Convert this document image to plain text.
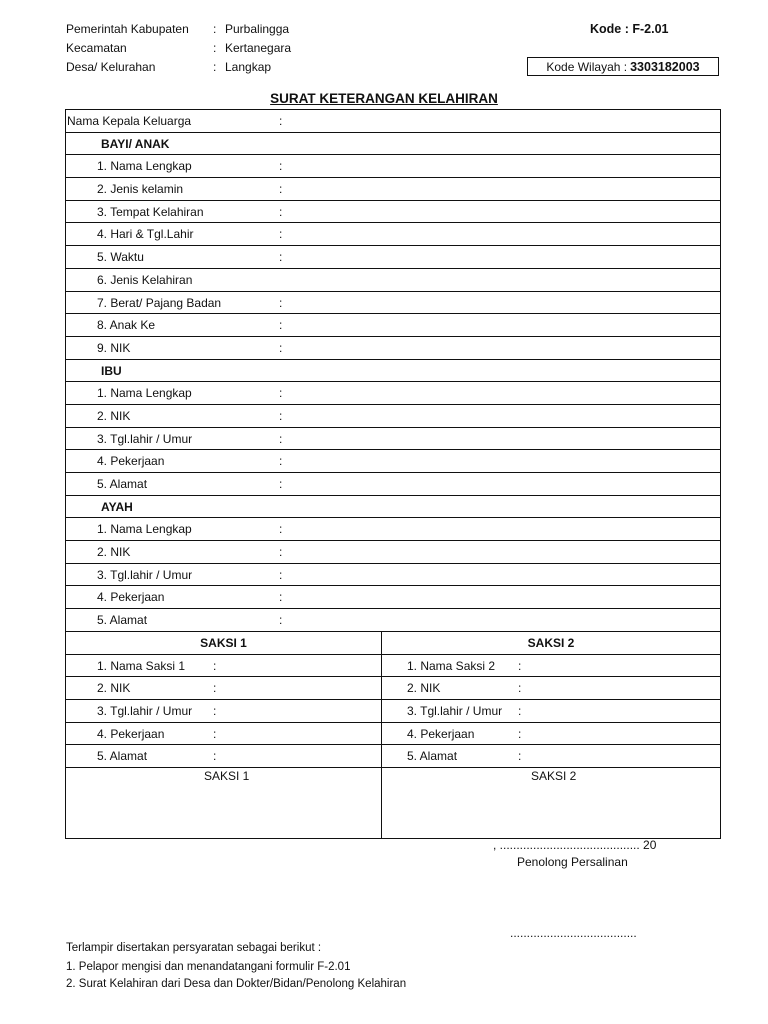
Pemerintah Kabupaten : Purbalingga
Kecamatan	: Kertanegara
Desa/ Kelurahan	: Langkap
Kode : F-2.01
Kode Wilayah : 3303182003
SURAT KETERANGAN KELAHIRAN
Nama Kepala Keluarga	:
BAYI/ ANAK
1. Nama Lengkap	:
2. Jenis kelamin	:
3. Tempat Kelahiran	:
4. Hari & Tgl.Lahir	:
5. Waktu	:
6. Jenis Kelahiran
7. Berat/ Pajang Badan	:
8. Anak Ke	:
9. NIK	:
IBU
1. Nama Lengkap	:
2. NIK	:
3. Tgl.lahir / Umur	:
4. Pekerjaan	:
5. Alamat	:
AYAH
1. Nama Lengkap	:
2. NIK	:
3. Tgl.lahir / Umur	:
4. Pekerjaan	:
5. Alamat	:
SAKSI 1	SAKSI 2
1. Nama Saksi 1 :	1. Nama Saksi 2 :
2. NIK	:	2. NIK	:
3. Tgl.lahir / Umur :	3. Tgl.lahir / Umur :
4. Pekerjaan	:	4. Pekerjaan	:
5. Alamat	:	5. Alamat	:
SAKSI 1	SAKSI 2
, .......................................... 20
Penolong Persalinan
......................................
Terlampir disertakan persyaratan sebagai berikut :
1. Pelapor mengisi dan menandatangani formulir F-2.01
2. Surat Kelahiran dari Desa dan Dokter/Bidan/Penolong Kelahiran
